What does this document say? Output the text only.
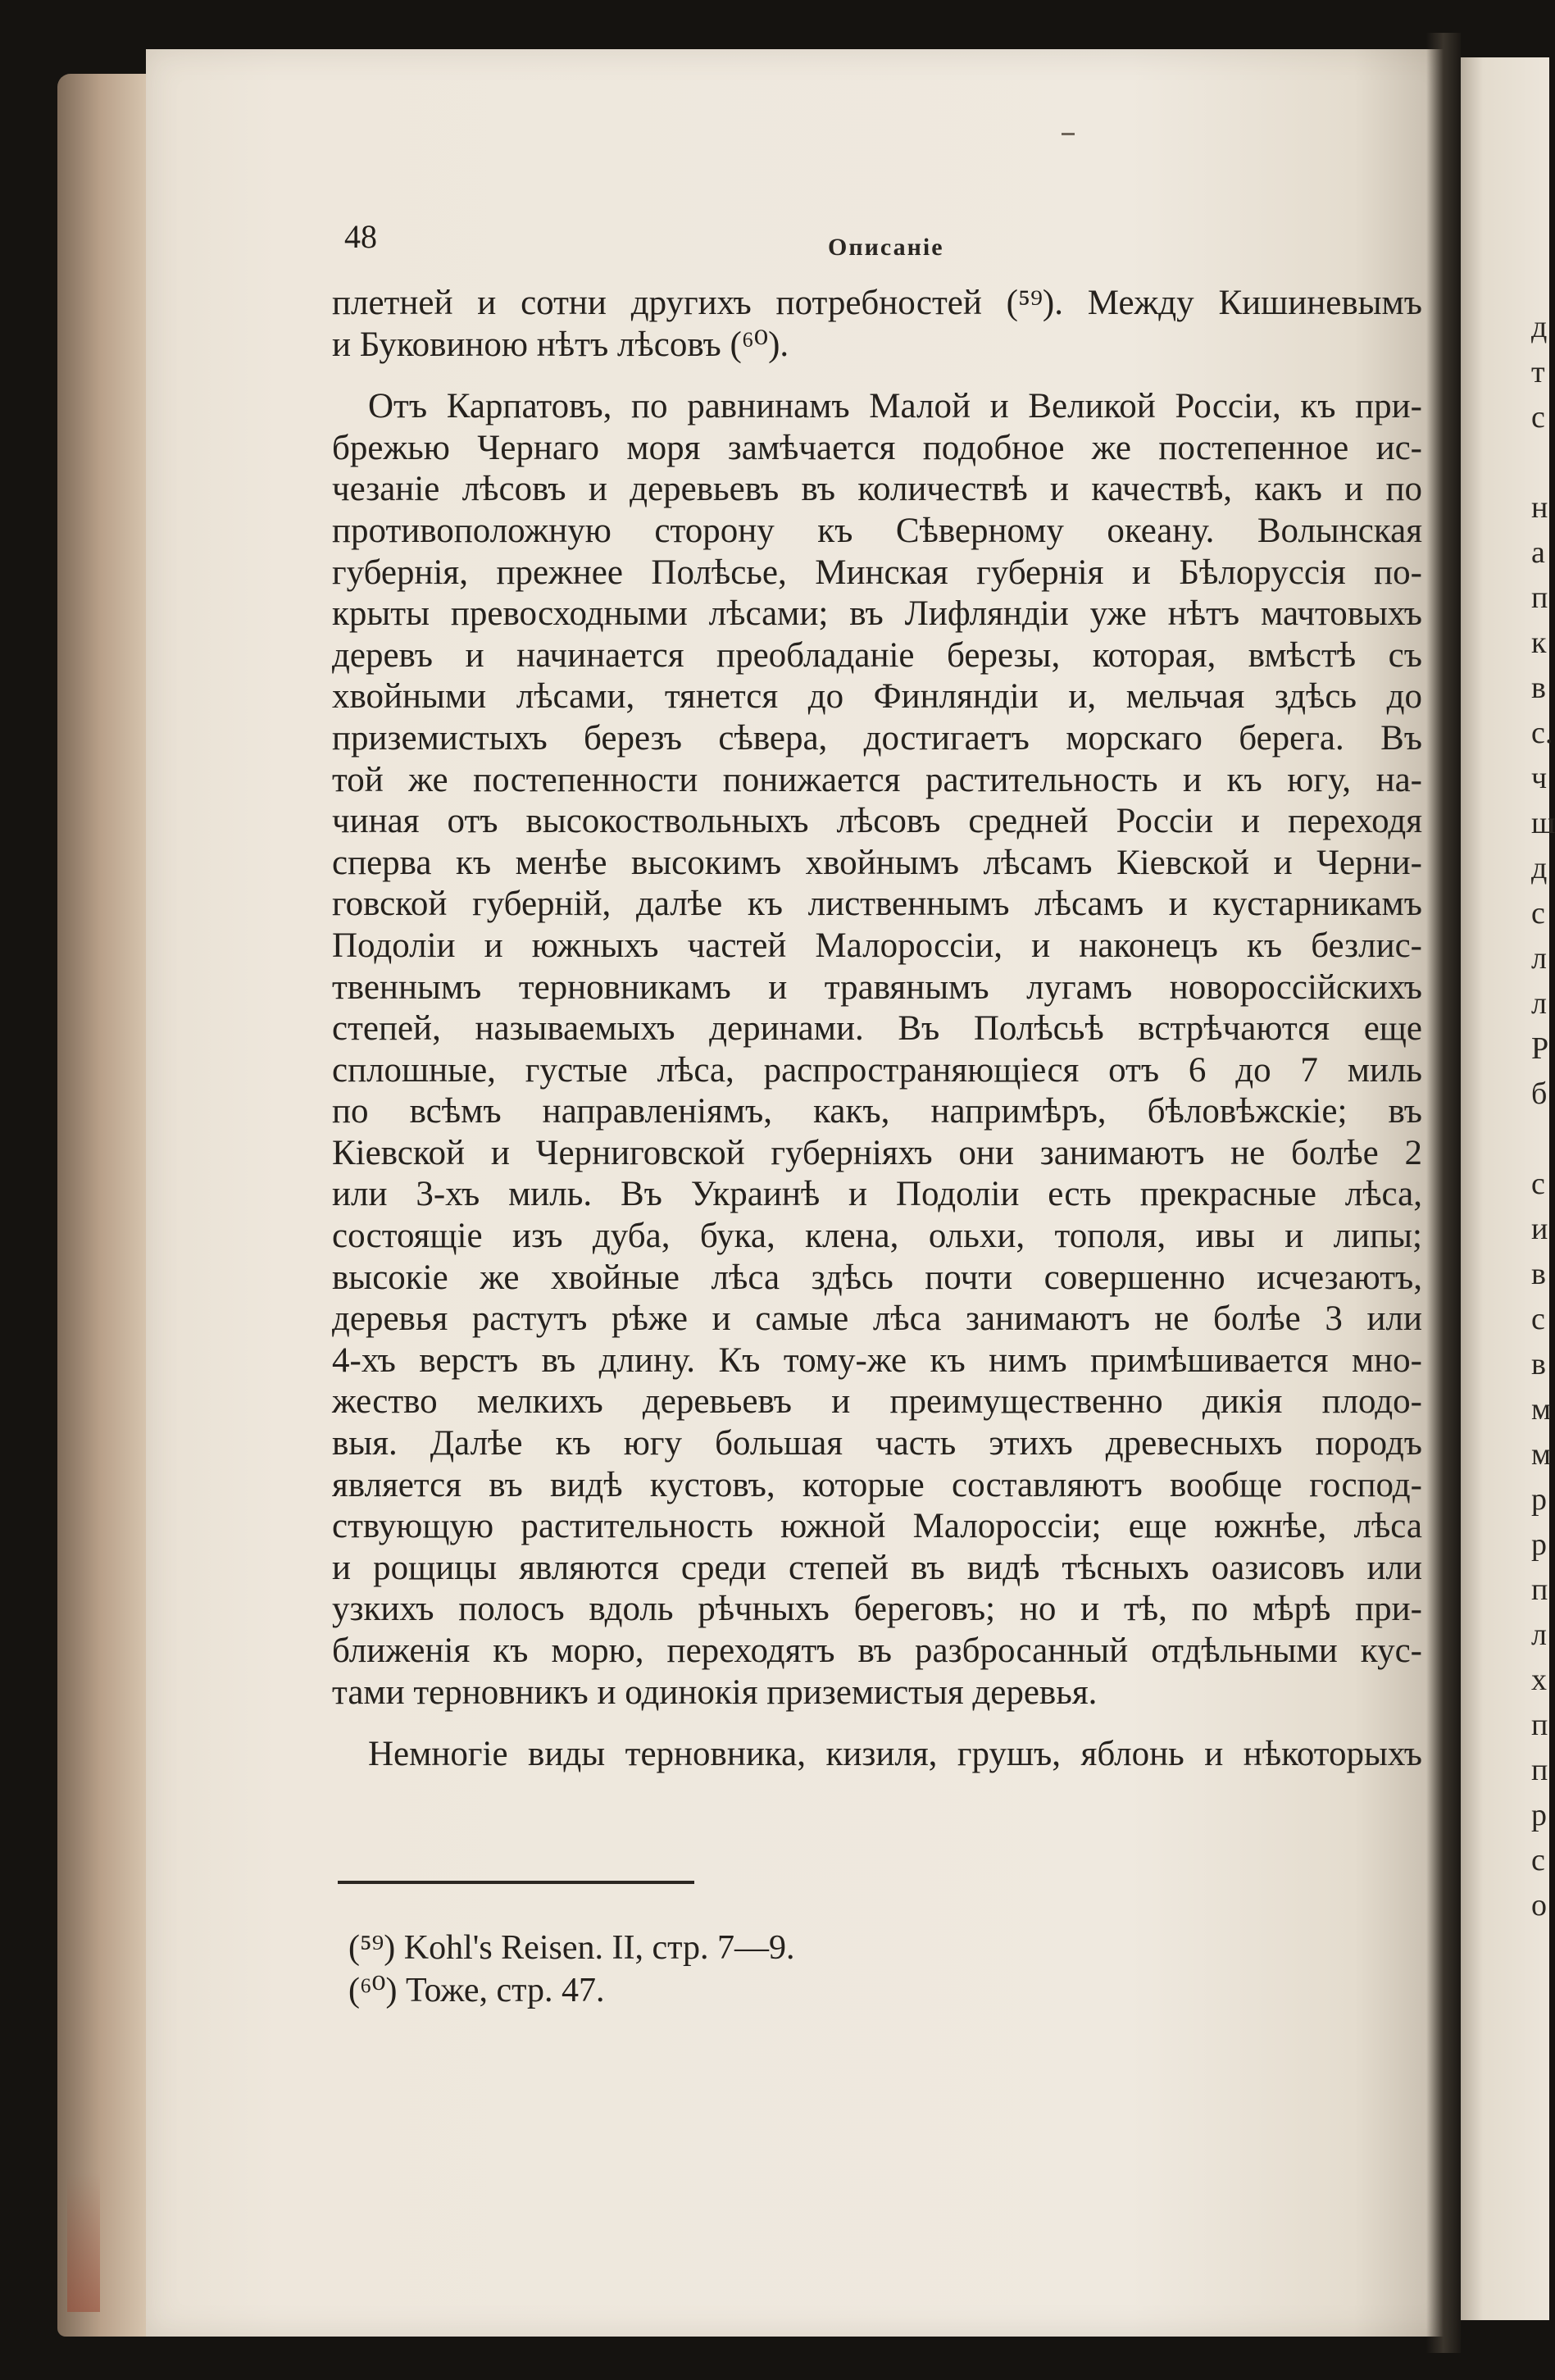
д
т
с
н
а
п
к
в
с.
ч
ш
д
с
л
л
Р
б
с
и
в
с
в
м
м
р
р
п
л
х
п
п
р
с
о
48	Описаніе
плетней и сотни другихъ потребностей (⁵⁹). Между Кишиневымъ
и Буковиною нѣтъ лѣсовъ (⁶⁰).
Отъ Карпатовъ, по равнинамъ Малой и Великой Россіи, къ при-
брежью Чернаго моря замѣчается подобное же постепенное ис-
чезаніе лѣсовъ и деревьевъ въ количествѣ и качествѣ, какъ и по
противоположную сторону къ Сѣверному океану. Волынская
губернія, прежнее Полѣсье, Минская губернія и Бѣлоруссія по-
крыты превосходными лѣсами; въ Лифляндіи уже нѣтъ мачтовыхъ
деревъ и начинается преобладаніе березы, которая, вмѣстѣ съ
хвойными лѣсами, тянется до Финляндіи и, мельчая здѣсь до
приземистыхъ березъ сѣвера, достигаетъ морскаго берега. Въ
той же постепенности понижается растительность и къ югу, на-
чиная отъ высокоствольныхъ лѣсовъ средней Россіи и переходя
сперва къ менѣе высокимъ хвойнымъ лѣсамъ Кіевской и Черни-
говской губерній, далѣе къ лиственнымъ лѣсамъ и кустарникамъ
Подоліи и южныхъ частей Малороссіи, и наконецъ къ безлис-
твеннымъ терновникамъ и травянымъ лугамъ новороссійскихъ
степей, называемыхъ деринами. Въ Полѣсьѣ встрѣчаются еще
сплошные, густые лѣса, распространяющіеся отъ 6 до 7 миль
по всѣмъ направленіямъ, какъ, напримѣръ, бѣловѣжскіе; въ
Кіевской и Черниговской губерніяхъ они занимаютъ не болѣе 2
или 3-хъ миль. Въ Украинѣ и Подоліи есть прекрасные лѣса,
состоящіе изъ дуба, бука, клена, ольхи, тополя, ивы и липы;
высокіе же хвойные лѣса здѣсь почти совершенно исчезаютъ,
деревья растутъ рѣже и самые лѣса занимаютъ не болѣе 3 или
4-хъ верстъ въ длину. Къ тому-же къ нимъ примѣшивается мно-
жество мелкихъ деревьевъ и преимущественно дикія плодо-
выя. Далѣе къ югу большая часть этихъ древесныхъ породъ
является въ видѣ кустовъ, которые составляютъ вообще господ-
ствующую растительность южной Малороссіи; еще южнѣе, лѣса
и рощицы являются среди степей въ видѣ тѣсныхъ оазисовъ или
узкихъ полосъ вдоль рѣчныхъ береговъ; но и тѣ, по мѣрѣ при-
ближенія къ морю, переходятъ въ разбросанный отдѣльными кус-
тами терновникъ и одинокія приземистыя деревья.
Немногіе виды терновника, кизиля, грушъ, яблонь и нѣкоторыхъ
(⁵⁹) Kohl's Reisen. II, стр. 7—9.
(⁶⁰) Тоже, стр. 47.
